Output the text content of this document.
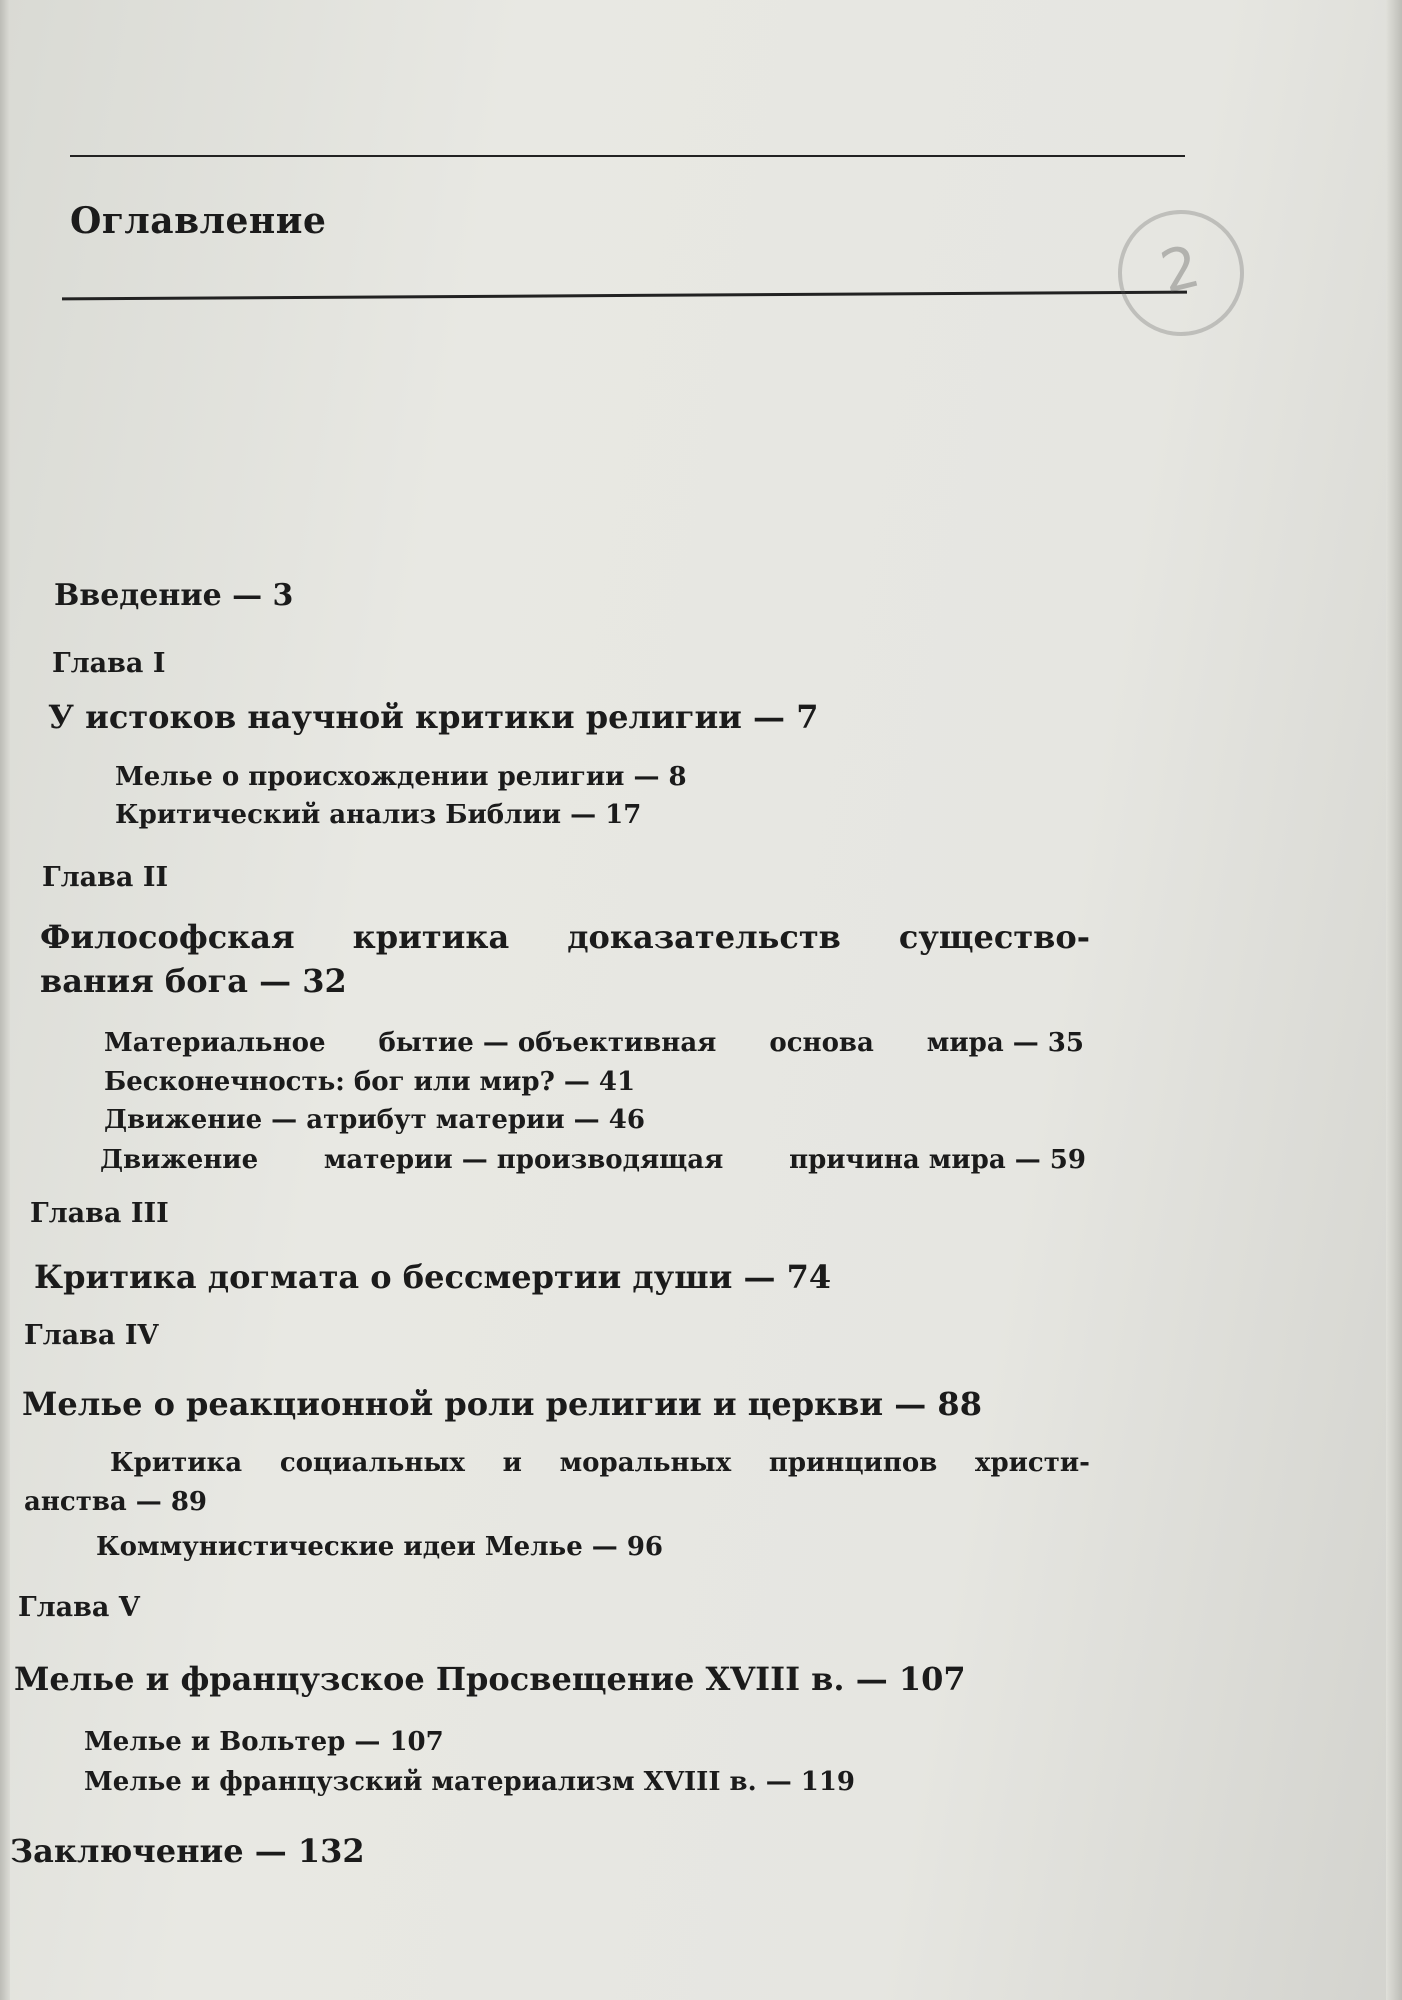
Оглавление
2
Введение — 3
Глава I
У истоков научной критики религии — 7
Мелье о происхождении религии — 8
Критический анализ Библии — 17
Глава II
Философская критика доказательств существо-
вания бога — 32
Материальное бытие — объективная основа мира — 35
Бесконечность: бог или мир? — 41
Движение — атрибут материи — 46
Движение	материи — производящая	причина мира — 59
Глава III
Критика догмата о бессмертии души — 74
Глава IV
Мелье о реакционной роли религии и церкви — 88
Критика социальных и моральных принципов христи-
анства — 89
Коммунистические идеи Мелье — 96
Глава V
Мелье и французское Просвещение XVIII в. — 107
Мелье и Вольтер — 107
Мелье и французский материализм XVIII в. — 119
Заключение — 132
